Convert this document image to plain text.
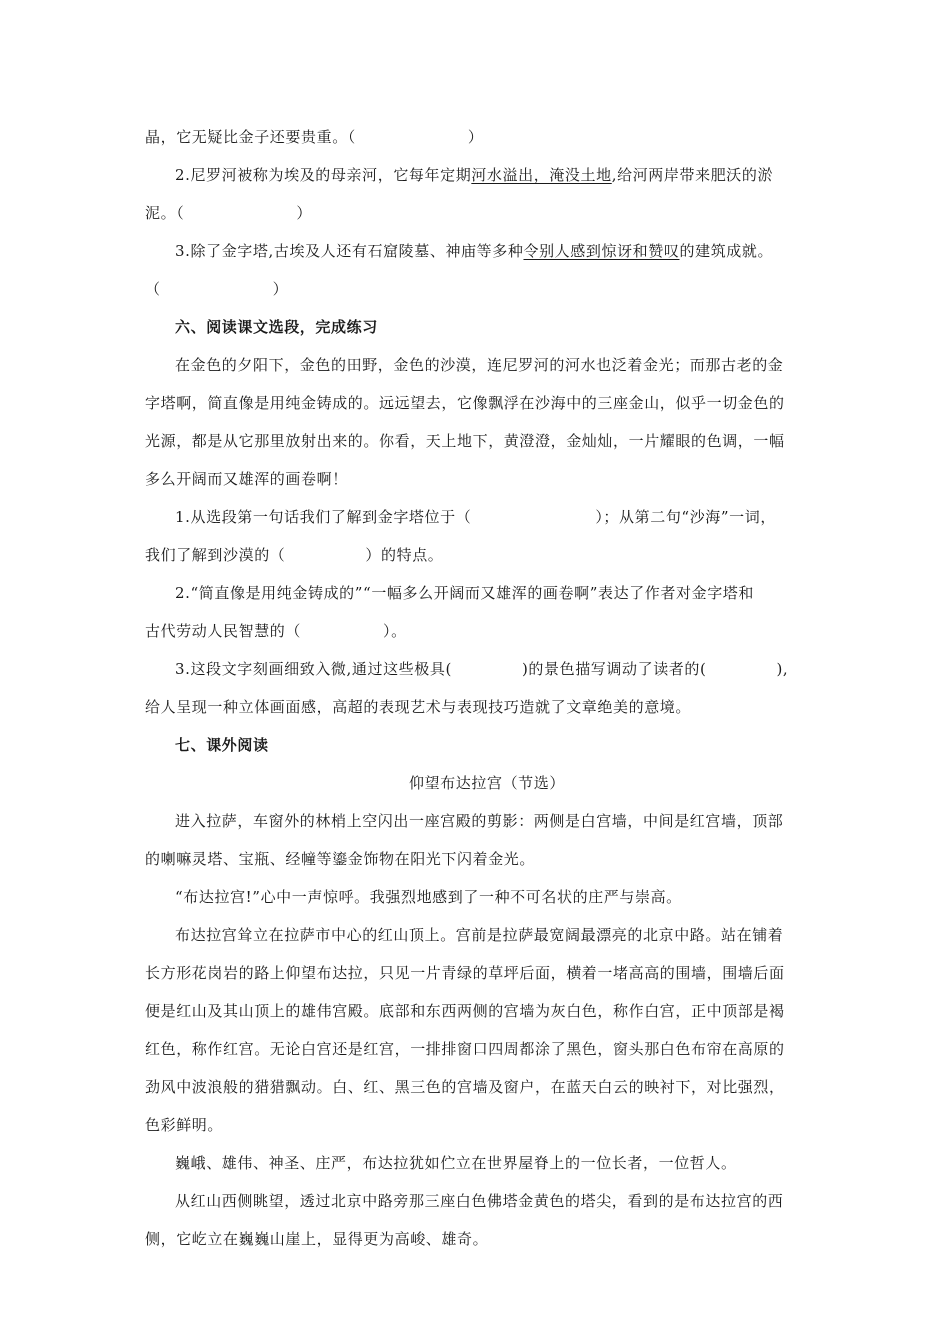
晶，它无疑比金子还要贵重。（	）
2.尼罗河被称为埃及的母亲河，它每年定期河水溢出，淹没土地,给河两岸带来肥沃的淤
泥。（	）
3.除了金字塔,古埃及人还有石窟陵墓、神庙等多种令别人感到惊讶和赞叹的建筑成就。
（	）
六、阅读课文选段，完成练习
在金色的夕阳下，金色的田野，金色的沙漠，连尼罗河的河水也泛着金光；而那古老的金
字塔啊，简直像是用纯金铸成的。远远望去，它像飘浮在沙海中的三座金山，似乎一切金色的
光源，都是从它那里放射出来的。你看，天上地下，黄澄澄，金灿灿，一片耀眼的色调，一幅
多么开阔而又雄浑的画卷啊！
1.从选段第一句话我们了解到金字塔位于（	）；从第二句“沙海”一词，
我们了解到沙漠的（	）的特点。
2.“简直像是用纯金铸成的”“一幅多么开阔而又雄浑的画卷啊”表达了作者对金字塔和
古代劳动人民智慧的（	）。
3.这段文字刻画细致入微,通过这些极具(	)的景色描写调动了读者的(	),
给人呈现一种立体画面感，高超的表现艺术与表现技巧造就了文章绝美的意境。
七、课外阅读
仰望布达拉宫（节选）
进入拉萨，车窗外的林梢上空闪出一座宫殿的剪影：两侧是白宫墙，中间是红宫墙，顶部
的喇嘛灵塔、宝瓶、经幢等鎏金饰物在阳光下闪着金光。
“布达拉宫!”心中一声惊呼。我强烈地感到了一种不可名状的庄严与崇高。
布达拉宫耸立在拉萨市中心的红山顶上。宫前是拉萨最宽阔最漂亮的北京中路。站在铺着
长方形花岗岩的路上仰望布达拉，只见一片青绿的草坪后面，横着一堵高高的围墙，围墙后面
便是红山及其山顶上的雄伟宫殿。底部和东西两侧的宫墙为灰白色，称作白宫，正中顶部是褐
红色，称作红宫。无论白宫还是红宫，一排排窗口四周都涂了黑色，窗头那白色布帘在高原的
劲风中波浪般的猎猎飘动。白、红、黑三色的宫墙及窗户，在蓝天白云的映衬下，对比强烈，
色彩鲜明。
巍峨、雄伟、神圣、庄严，布达拉犹如伫立在世界屋脊上的一位长者，一位哲人。
从红山西侧眺望，透过北京中路旁那三座白色佛塔金黄色的塔尖，看到的是布达拉宫的西
侧，它屹立在巍巍山崖上，显得更为高峻、雄奇。
